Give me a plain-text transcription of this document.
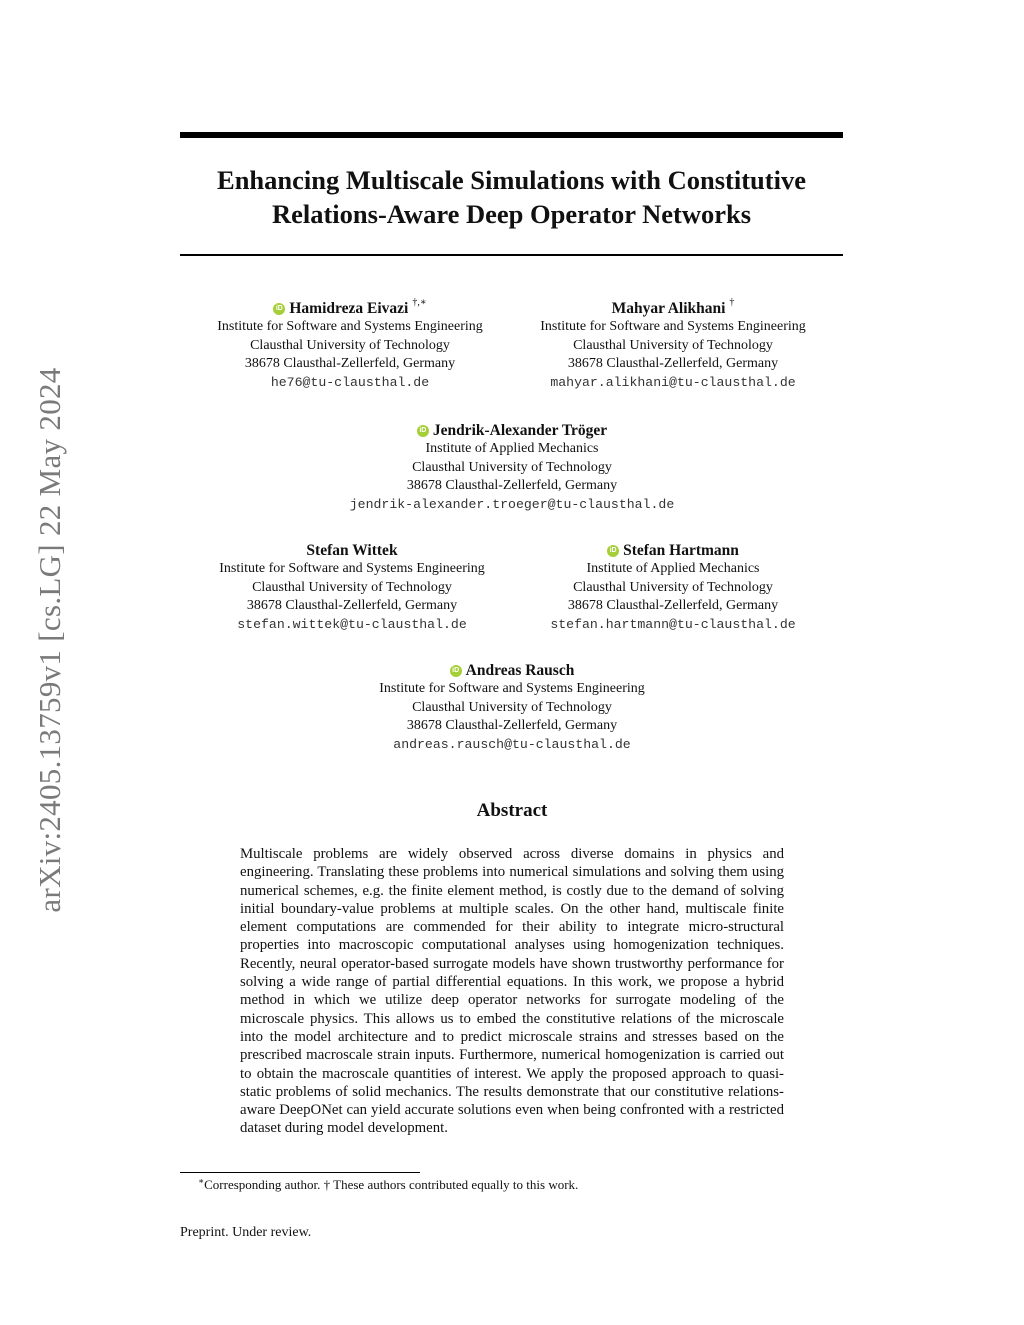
arXiv:2405.13759v1 [cs.LG] 22 May 2024
Enhancing Multiscale Simulations with Constitutive
Relations-Aware Deep Operator Networks
iD Hamidreza Eivazi †,∗
Institute for Software and Systems Engineering
Clausthal University of Technology
38678 Clausthal-Zellerfeld, Germany
he76@tu-clausthal.de
Mahyar Alikhani †
Institute for Software and Systems Engineering
Clausthal University of Technology
38678 Clausthal-Zellerfeld, Germany
mahyar.alikhani@tu-clausthal.de
iD Jendrik-Alexander Tröger
Institute of Applied Mechanics
Clausthal University of Technology
38678 Clausthal-Zellerfeld, Germany
jendrik-alexander.troeger@tu-clausthal.de
Stefan Wittek
Institute for Software and Systems Engineering
Clausthal University of Technology
38678 Clausthal-Zellerfeld, Germany
stefan.wittek@tu-clausthal.de
iD Stefan Hartmann
Institute of Applied Mechanics
Clausthal University of Technology
38678 Clausthal-Zellerfeld, Germany
stefan.hartmann@tu-clausthal.de
iD Andreas Rausch
Institute for Software and Systems Engineering
Clausthal University of Technology
38678 Clausthal-Zellerfeld, Germany
andreas.rausch@tu-clausthal.de
Abstract
Multiscale problems are widely observed across diverse domains in physics and engineering. Translating these problems into numerical simulations and solving them using numerical schemes, e.g. the finite element method, is costly due to the demand of solving initial boundary-value problems at multiple scales. On the other hand, multiscale finite element computations are commended for their ability to integrate micro-structural properties into macroscopic computational analyses using homogenization techniques. Recently, neural operator-based surrogate models have shown trustworthy performance for solving a wide range of partial differential equations. In this work, we propose a hybrid method in which we utilize deep operator networks for surrogate modeling of the microscale physics. This allows us to embed the constitutive relations of the microscale into the model architecture and to predict microscale strains and stresses based on the prescribed macroscale strain inputs. Furthermore, numerical homogenization is carried out to obtain the macroscale quantities of interest. We apply the proposed approach to quasi-static problems of solid mechanics. The results demonstrate that our constitutive relations-aware DeepONet can yield accurate solutions even when being confronted with a restricted dataset during model development.
∗Corresponding author. † These authors contributed equally to this work.
Preprint. Under review.
